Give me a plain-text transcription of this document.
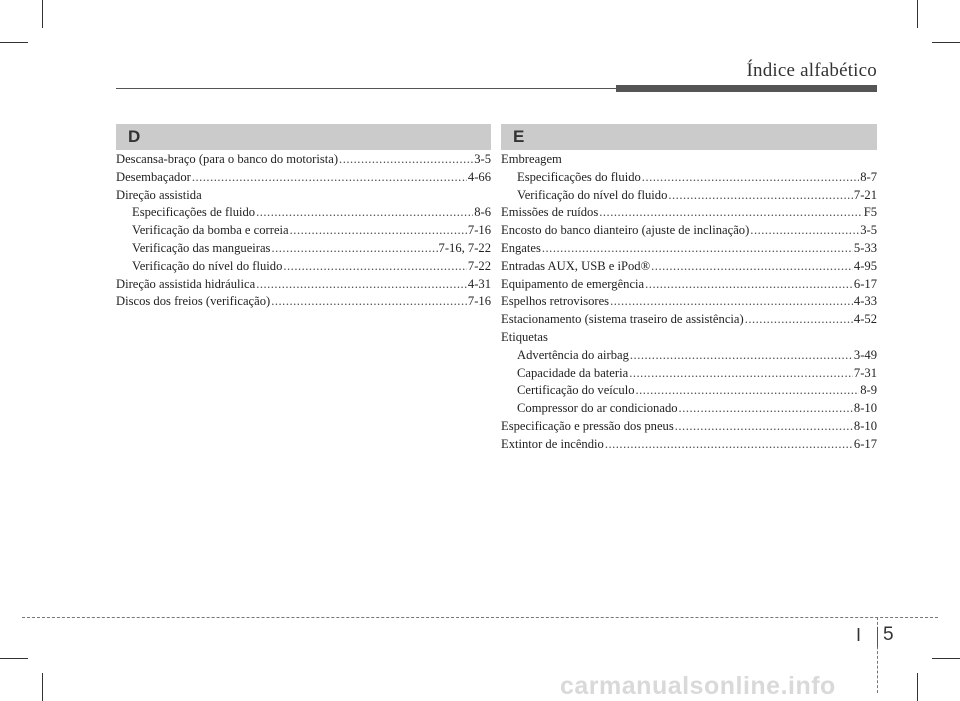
Índice alfabético
D	E
Descansa-braço (para o banco do motorista) .....	3-5
Desembaçador .....	4-66
Direção assistida
Especificações de fluido .....	8-6
Verificação da bomba e correia .....	7-16
Verificação das mangueiras .....	7-16, 7-22
Verificação do nível do fluido .....	7-22
Direção assistida hidráulica .....	4-31
Discos dos freios (verificação) .....	7-16
Embreagem
Especificações do fluido .....	8-7
Verificação do nível do fluido .....	7-21
Emissões de ruídos .....	F5
Encosto do banco dianteiro (ajuste de inclinação) .....	3-5
Engates .....	5-33
Entradas AUX, USB e iPod® .....	4-95
Equipamento de emergência .....	6-17
Espelhos retrovisores .....	4-33
Estacionamento (sistema traseiro de assistência) .....	4-52
Etiquetas
Advertência do airbag .....	3-49
Capacidade da bateria .....	7-31
Certificação do veículo .....	8-9
Compressor do ar condicionado .....	8-10
Especificação e pressão dos pneus .....	8-10
Extintor de incêndio .....	6-17
I 5
carmanualsonline.info
